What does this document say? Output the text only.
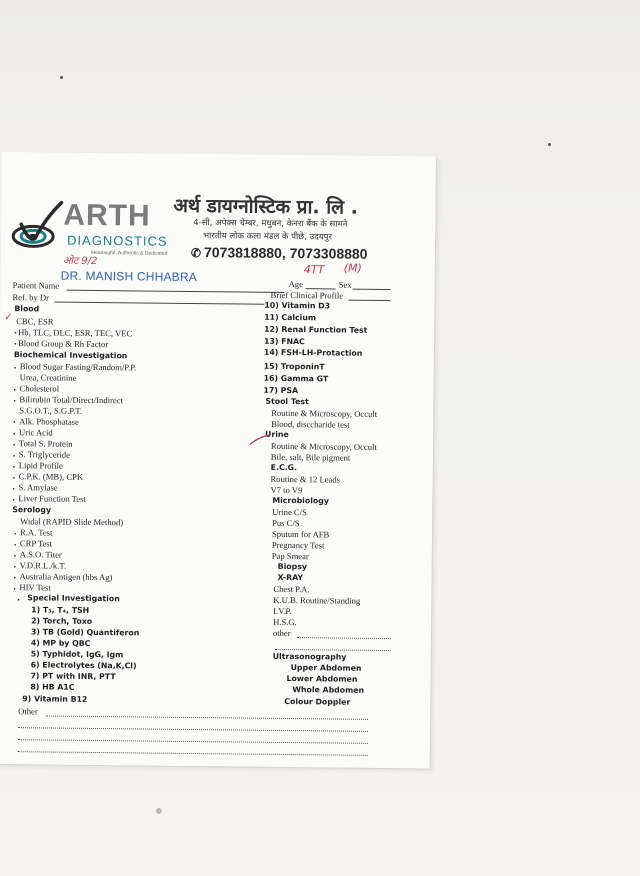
ARTH
DIAGNOSTICS
Meaningful, Authentic & Dedicated
अर्थ डायग्नोस्टिक प्रा. लि .
4-सी, अपेक्स चेम्बर, मधुबन, केनरा बैंक के सामने
भारतीय लोक कला मंडल के पीछे, उदयपुर
✆ 7073818880, 7073308880
ओट 9/2
DR. MANISH CHHABRA	4TT (M)
Patient Name	Age	Sex
Ref. by Dr	Brief Clinical Profile
Blood
✓ CBC, ESR
• Hb, TLC, DLC, ESR, TEC, VEC
• Blood Group & Rh Factor
Biochemical Investigation
• Blood Sugar Fasting/Random/P.P.
Urea, Creatinine
• Cholesterol
• Bilirubin Total/Direct/Indirect
S.G.O.T., S.G.P.T.
• Alk. Phosphatase
• Uric Acid
• Total S. Protein
• S. Triglyceride
• Lipid Profile
• C.P.K. (MB), CPK
• S. Amylase
• Liver Function Test
Serology
Widal (RAPID Slide Method)
• R.A. Test
• CRP Test
• A.S.O. Titer
• V.D.R.L./k.T.
• Australia Antigen (hbs Ag)
• HIV Test
• Special Investigation
1) T₃, T₄, TSH
2) Torch, Toxo
3) TB (Gold) Quantiferon
4) MP by QBC
5) Typhidot, IgG, Igm
6) Electrolytes (Na,K,Cl)
7) PT with INR, PTT
8) HB A1C
9) Vitamin B12
Other
10) Vitamin D3
11) Calcium
12) Renal Function Test
13) FNAC
14) FSH-LH-Protaction
15) TroponinT
16) Gamma GT
17) PSA
Stool Test
Routine & Microscopy, Occult
Blood, disccharide test
Urine
Routine & Microscopy, Occult
Bile, salt, Bile pigment
E.C.G.
Routine & 12 Leads
V7 to V9
Microbiology
Urine C/S
Pus C/S
Sputum for AFB
Pregnancy Test
Pap Smear
Biopsy
X-RAY
Chest P.A.
K.U.B. Routine/Standing
I.V.P.
H.S.G.
other
Ultrasonography
Upper Abdomen
Lower Abdomen
Whole Abdomen
Colour Doppler
